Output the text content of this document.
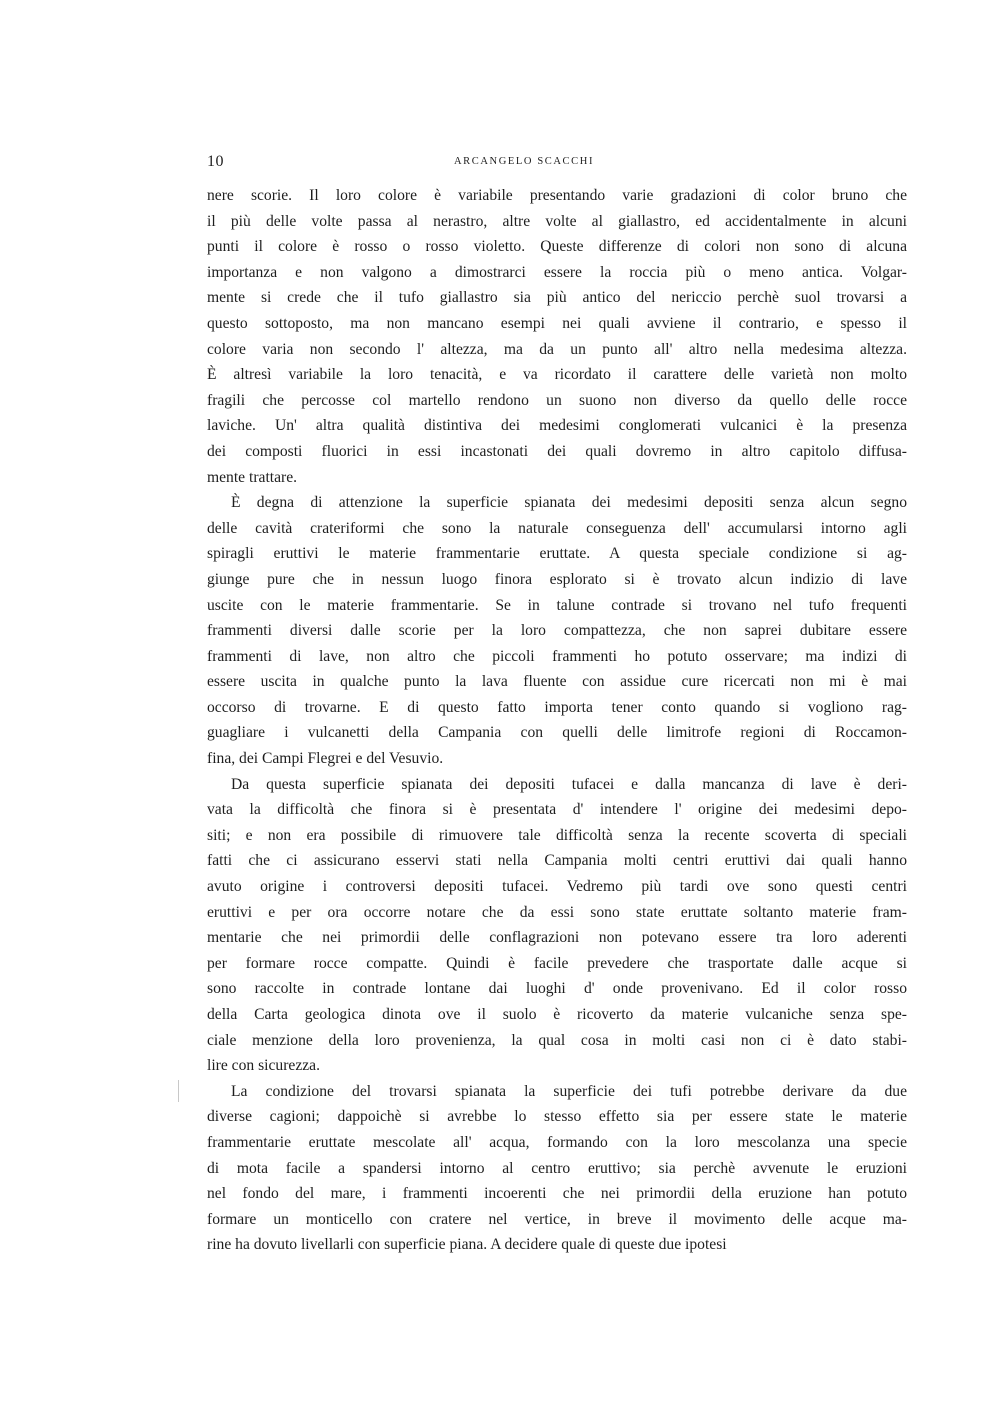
10	ARCANGELO SCACCHI
nere scorie. Il loro colore è variabile presentando varie gradazioni di color bruno che
il più delle volte passa al nerastro, altre volte al giallastro, ed accidentalmente in alcuni
punti il colore è rosso o rosso violetto. Queste differenze di colori non sono di alcuna
importanza e non valgono a dimostrarci essere la roccia più o meno antica. Volgar-
mente si crede che il tufo giallastro sia più antico del nericcio perchè suol trovarsi a
questo sottoposto, ma non mancano esempi nei quali avviene il contrario, e spesso il
colore varia non secondo l' altezza, ma da un punto all' altro nella medesima altezza.
È altresì variabile la loro tenacità, e va ricordato il carattere delle varietà non molto
fragili che percosse col martello rendono un suono non diverso da quello delle rocce
laviche. Un' altra qualità distintiva dei medesimi conglomerati vulcanici è la presenza
dei composti fluorici in essi incastonati dei quali dovremo in altro capitolo diffusa-
mente trattare.
È degna di attenzione la superficie spianata dei medesimi depositi senza alcun segno
delle cavità crateriformi che sono la naturale conseguenza dell' accumularsi intorno agli
spiragli eruttivi le materie frammentarie eruttate. A questa speciale condizione si ag-
giunge pure che in nessun luogo finora esplorato si è trovato alcun indizio di lave
uscite con le materie frammentarie. Se in talune contrade si trovano nel tufo frequenti
frammenti diversi dalle scorie per la loro compattezza, che non saprei dubitare essere
frammenti di lave, non altro che piccoli frammenti ho potuto osservare; ma indizi di
essere uscita in qualche punto la lava fluente con assidue cure ricercati non mi è mai
occorso di trovarne. E di questo fatto importa tener conto quando si vogliono rag-
guagliare i vulcanetti della Campania con quelli delle limitrofe regioni di Roccamon-
fina, dei Campi Flegrei e del Vesuvio.
Da questa superficie spianata dei depositi tufacei e dalla mancanza di lave è deri-
vata la difficoltà che finora si è presentata d' intendere l' origine dei medesimi depo-
siti; e non era possibile di rimuovere tale difficoltà senza la recente scoverta di speciali
fatti che ci assicurano esservi stati nella Campania molti centri eruttivi dai quali hanno
avuto origine i controversi depositi tufacei. Vedremo più tardi ove sono questi centri
eruttivi e per ora occorre notare che da essi sono state eruttate soltanto materie fram-
mentarie che nei primordii delle conflagrazioni non potevano essere tra loro aderenti
per formare rocce compatte. Quindi è facile prevedere che trasportate dalle acque si
sono raccolte in contrade lontane dai luoghi d' onde provenivano. Ed il color rosso
della Carta geologica dinota ove il suolo è ricoverto da materie vulcaniche senza spe-
ciale menzione della loro provenienza, la qual cosa in molti casi non ci è dato stabi-
lire con sicurezza.
La condizione del trovarsi spianata la superficie dei tufi potrebbe derivare da due
diverse cagioni; dappoichè si avrebbe lo stesso effetto sia per essere state le materie
frammentarie eruttate mescolate all' acqua, formando con la loro mescolanza una specie
di mota facile a spandersi intorno al centro eruttivo; sia perchè avvenute le eruzioni
nel fondo del mare, i frammenti incoerenti che nei primordii della eruzione han potuto
formare un monticello con cratere nel vertice, in breve il movimento delle acque ma-
rine ha dovuto livellarli con superficie piana. A decidere quale di queste due ipotesi
